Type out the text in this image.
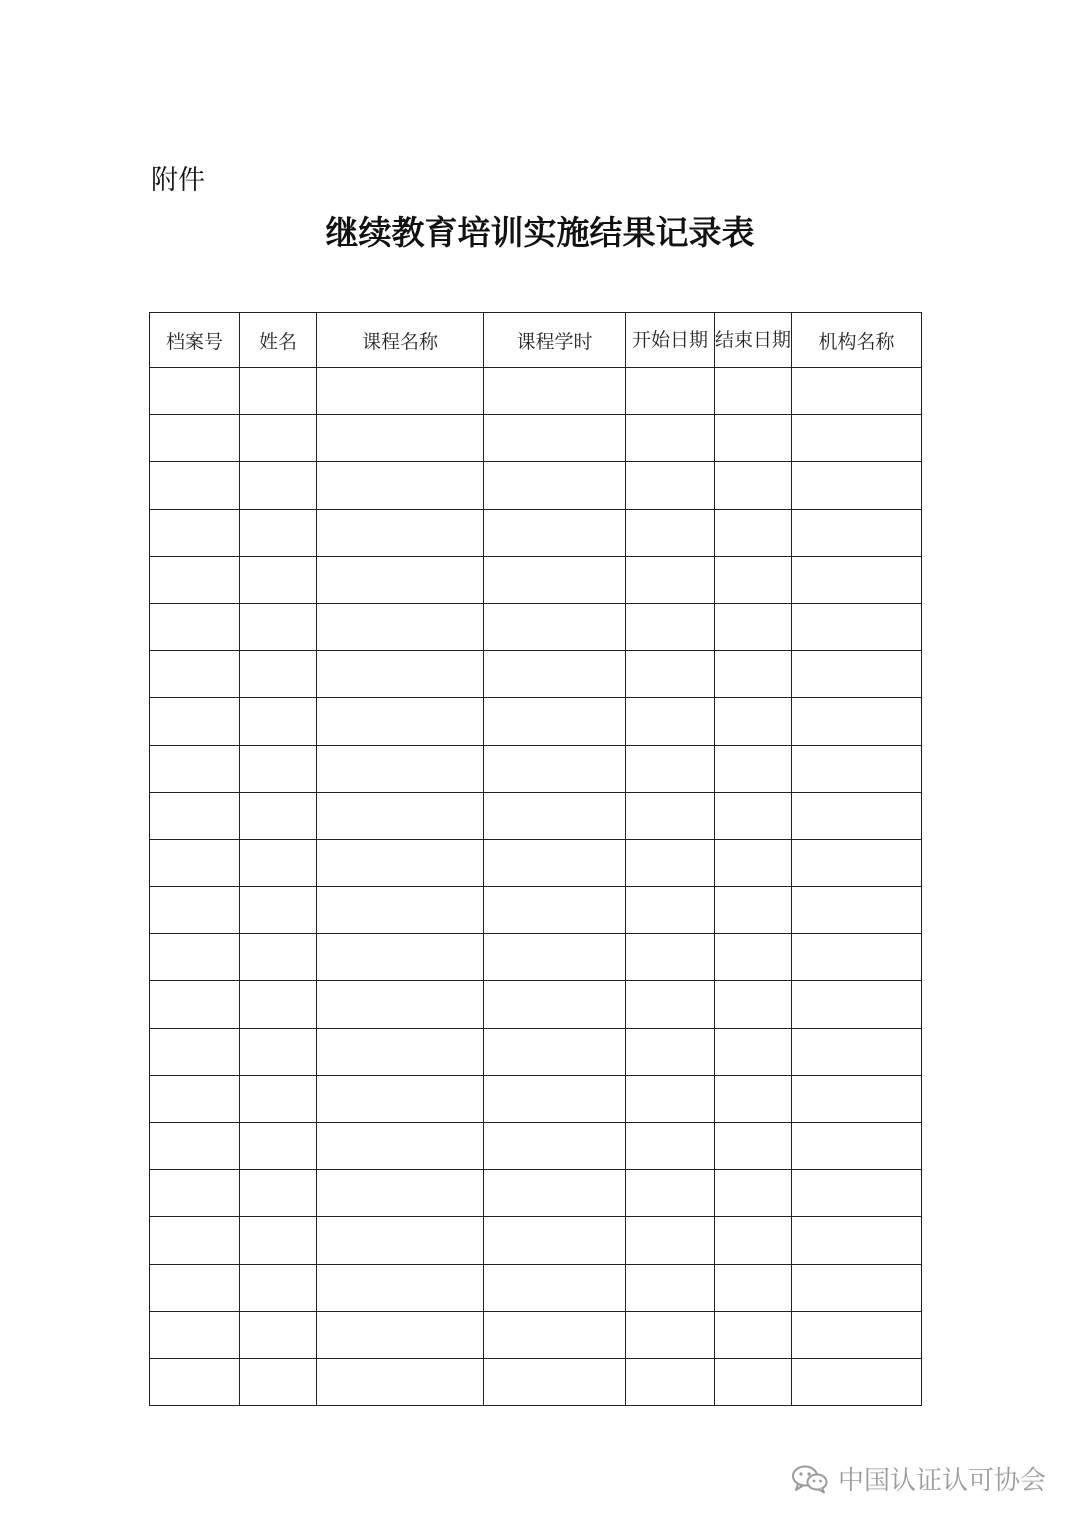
附件
继续教育培训实施结果记录表
档案号	姓名	课程名称	课程学时	开始日期	结束日期	机构名称

中国认证认可协会
